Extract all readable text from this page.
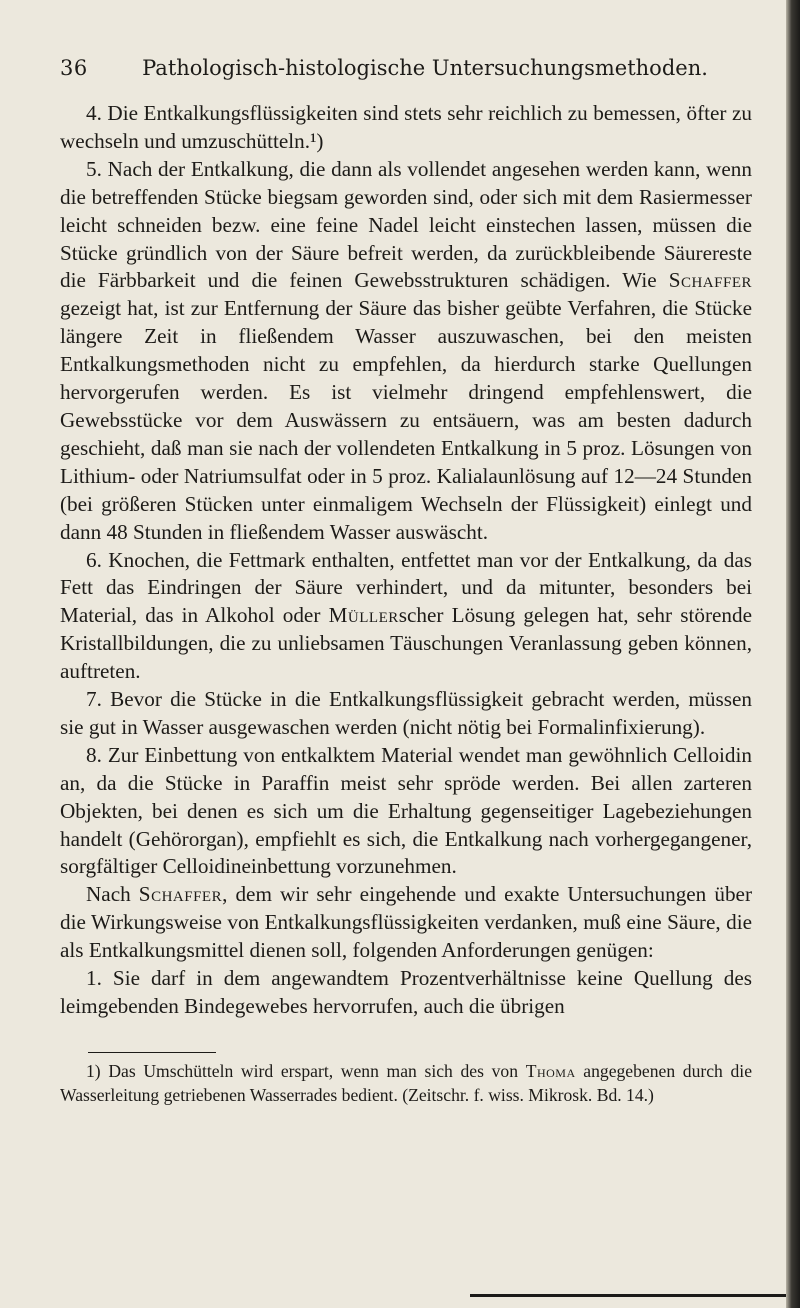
36	Pathologisch-histologische Untersuchungsmethoden.

4. Die Entkalkungsflüssigkeiten sind stets sehr reichlich zu bemessen, öfter zu wechseln und umzuschütteln.¹)

5. Nach der Entkalkung, die dann als vollendet angesehen werden kann, wenn die betreffenden Stücke biegsam geworden sind, oder sich mit dem Rasiermesser leicht schneiden bezw. eine feine Nadel leicht einstechen lassen, müssen die Stücke gründlich von der Säure befreit werden, da zurückbleibende Säurereste die Färbbarkeit und die feinen Gewebsstrukturen schädigen. Wie Schaffer gezeigt hat, ist zur Entfernung der Säure das bisher geübte Verfahren, die Stücke längere Zeit in fließendem Wasser auszuwaschen, bei den meisten Entkalkungsmethoden nicht zu empfehlen, da hierdurch starke Quellungen hervorgerufen werden. Es ist vielmehr dringend empfehlenswert, die Gewebsstücke vor dem Auswässern zu entsäuern, was am besten dadurch geschieht, daß man sie nach der vollendeten Entkalkung in 5 proz. Lösungen von Lithium- oder Natriumsulfat oder in 5 proz. Kalialaunlösung auf 12—24 Stunden (bei größeren Stücken unter einmaligem Wechseln der Flüssigkeit) einlegt und dann 48 Stunden in fließendem Wasser auswäscht.

6. Knochen, die Fettmark enthalten, entfettet man vor der Entkalkung, da das Fett das Eindringen der Säure verhindert, und da mitunter, besonders bei Material, das in Alkohol oder Müllerscher Lösung gelegen hat, sehr störende Kristallbildungen, die zu unliebsamen Täuschungen Veranlassung geben können, auftreten.

7. Bevor die Stücke in die Entkalkungsflüssigkeit gebracht werden, müssen sie gut in Wasser ausgewaschen werden (nicht nötig bei Formalinfixierung).

8. Zur Einbettung von entkalktem Material wendet man gewöhnlich Celloidin an, da die Stücke in Paraffin meist sehr spröde werden. Bei allen zarteren Objekten, bei denen es sich um die Erhaltung gegenseitiger Lagebeziehungen handelt (Gehörorgan), empfiehlt es sich, die Entkalkung nach vorhergegangener, sorgfältiger Celloidineinbettung vorzunehmen.

Nach Schaffer, dem wir sehr eingehende und exakte Untersuchungen über die Wirkungsweise von Entkalkungsflüssigkeiten verdanken, muß eine Säure, die als Entkalkungsmittel dienen soll, folgenden Anforderungen genügen:

1. Sie darf in dem angewandtem Prozentverhältnisse keine Quellung des leimgebenden Bindegewebes hervorrufen, auch die übrigen

1) Das Umschütteln wird erspart, wenn man sich des von Thoma angegebenen durch die Wasserleitung getriebenen Wasserrades bedient. (Zeitschr. f. wiss. Mikrosk. Bd. 14.)
